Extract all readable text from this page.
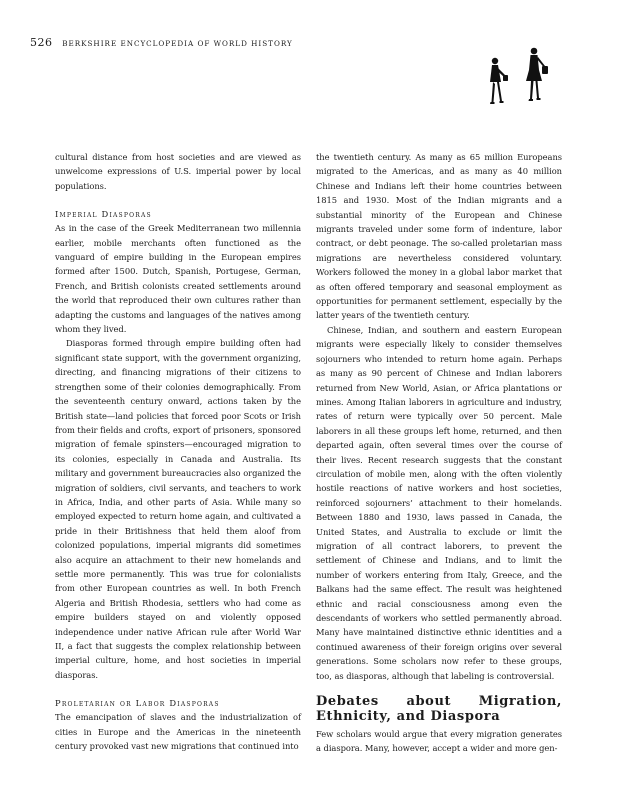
526 BERKSHIRE ENCYCLOPEDIA OF WORLD HISTORY

cultural distance from host societies and are viewed as unwelcome expressions of U.S. imperial power by local populations.

Imperial Diasporas

As in the case of the Greek Mediterranean two millennia earlier, mobile merchants often functioned as the vanguard of empire building in the European empires formed after 1500. Dutch, Spanish, Portugese, German, French, and British colonists created settlements around the world that reproduced their own cultures rather than adapting the customs and languages of the natives among whom they lived.

Diasporas formed through empire building often had significant state support, with the government organizing, directing, and financing migrations of their citizens to strengthen some of their colonies demographically. From the seventeenth century onward, actions taken by the British state—land policies that forced poor Scots or Irish from their fields and crofts, export of prisoners, sponsored migration of female spinsters—encouraged migration to its colonies, especially in Canada and Australia. Its military and government bureaucracies also organized the migration of soldiers, civil servants, and teachers to work in Africa, India, and other parts of Asia. While many so employed expected to return home again, and cultivated a pride in their Britishness that held them aloof from colonized populations, imperial migrants did sometimes also acquire an attachment to their new homelands and settle more permanently. This was true for colonialists from other European countries as well. In both French Algeria and British Rhodesia, settlers who had come as empire builders stayed on and violently opposed independence under native African rule after World War II, a fact that suggests the complex relationship between imperial culture, home, and host societies in imperial diasporas.

Proletarian or Labor Diasporas

The emancipation of slaves and the industrialization of cities in Europe and the Americas in the nineteenth century provoked vast new migrations that continued into

the twentieth century. As many as 65 million Europeans migrated to the Americas, and as many as 40 million Chinese and Indians left their home countries between 1815 and 1930. Most of the Indian migrants and a substantial minority of the European and Chinese migrants traveled under some form of indenture, labor contract, or debt peonage. The so-called proletarian mass migrations are nevertheless considered voluntary. Workers followed the money in a global labor market that as often offered temporary and seasonal employment as opportunities for permanent settlement, especially by the latter years of the twentieth century.

Chinese, Indian, and southern and eastern European migrants were especially likely to consider themselves sojourners who intended to return home again. Perhaps as many as 90 percent of Chinese and Indian laborers returned from New World, Asian, or Africa plantations or mines. Among Italian laborers in agriculture and industry, rates of return were typically over 50 percent. Male laborers in all these groups left home, returned, and then departed again, often several times over the course of their lives. Recent research suggests that the constant circulation of mobile men, along with the often violently hostile reactions of native workers and host societies, reinforced sojourners’ attachment to their homelands. Between 1880 and 1930, laws passed in Canada, the United States, and Australia to exclude or limit the migration of all contract laborers, to prevent the settlement of Chinese and Indians, and to limit the number of workers entering from Italy, Greece, and the Balkans had the same effect. The result was heightened ethnic and racial consciousness among even the descendants of workers who settled permanently abroad. Many have maintained distinctive ethnic identities and a continued awareness of their foreign origins over several generations. Some scholars now refer to these groups, too, as diasporas, although that labeling is controversial.

Debates about Migration, Ethnicity, and Diaspora

Few scholars would argue that every migration generates a diaspora. Many, however, accept a wider and more gen-
